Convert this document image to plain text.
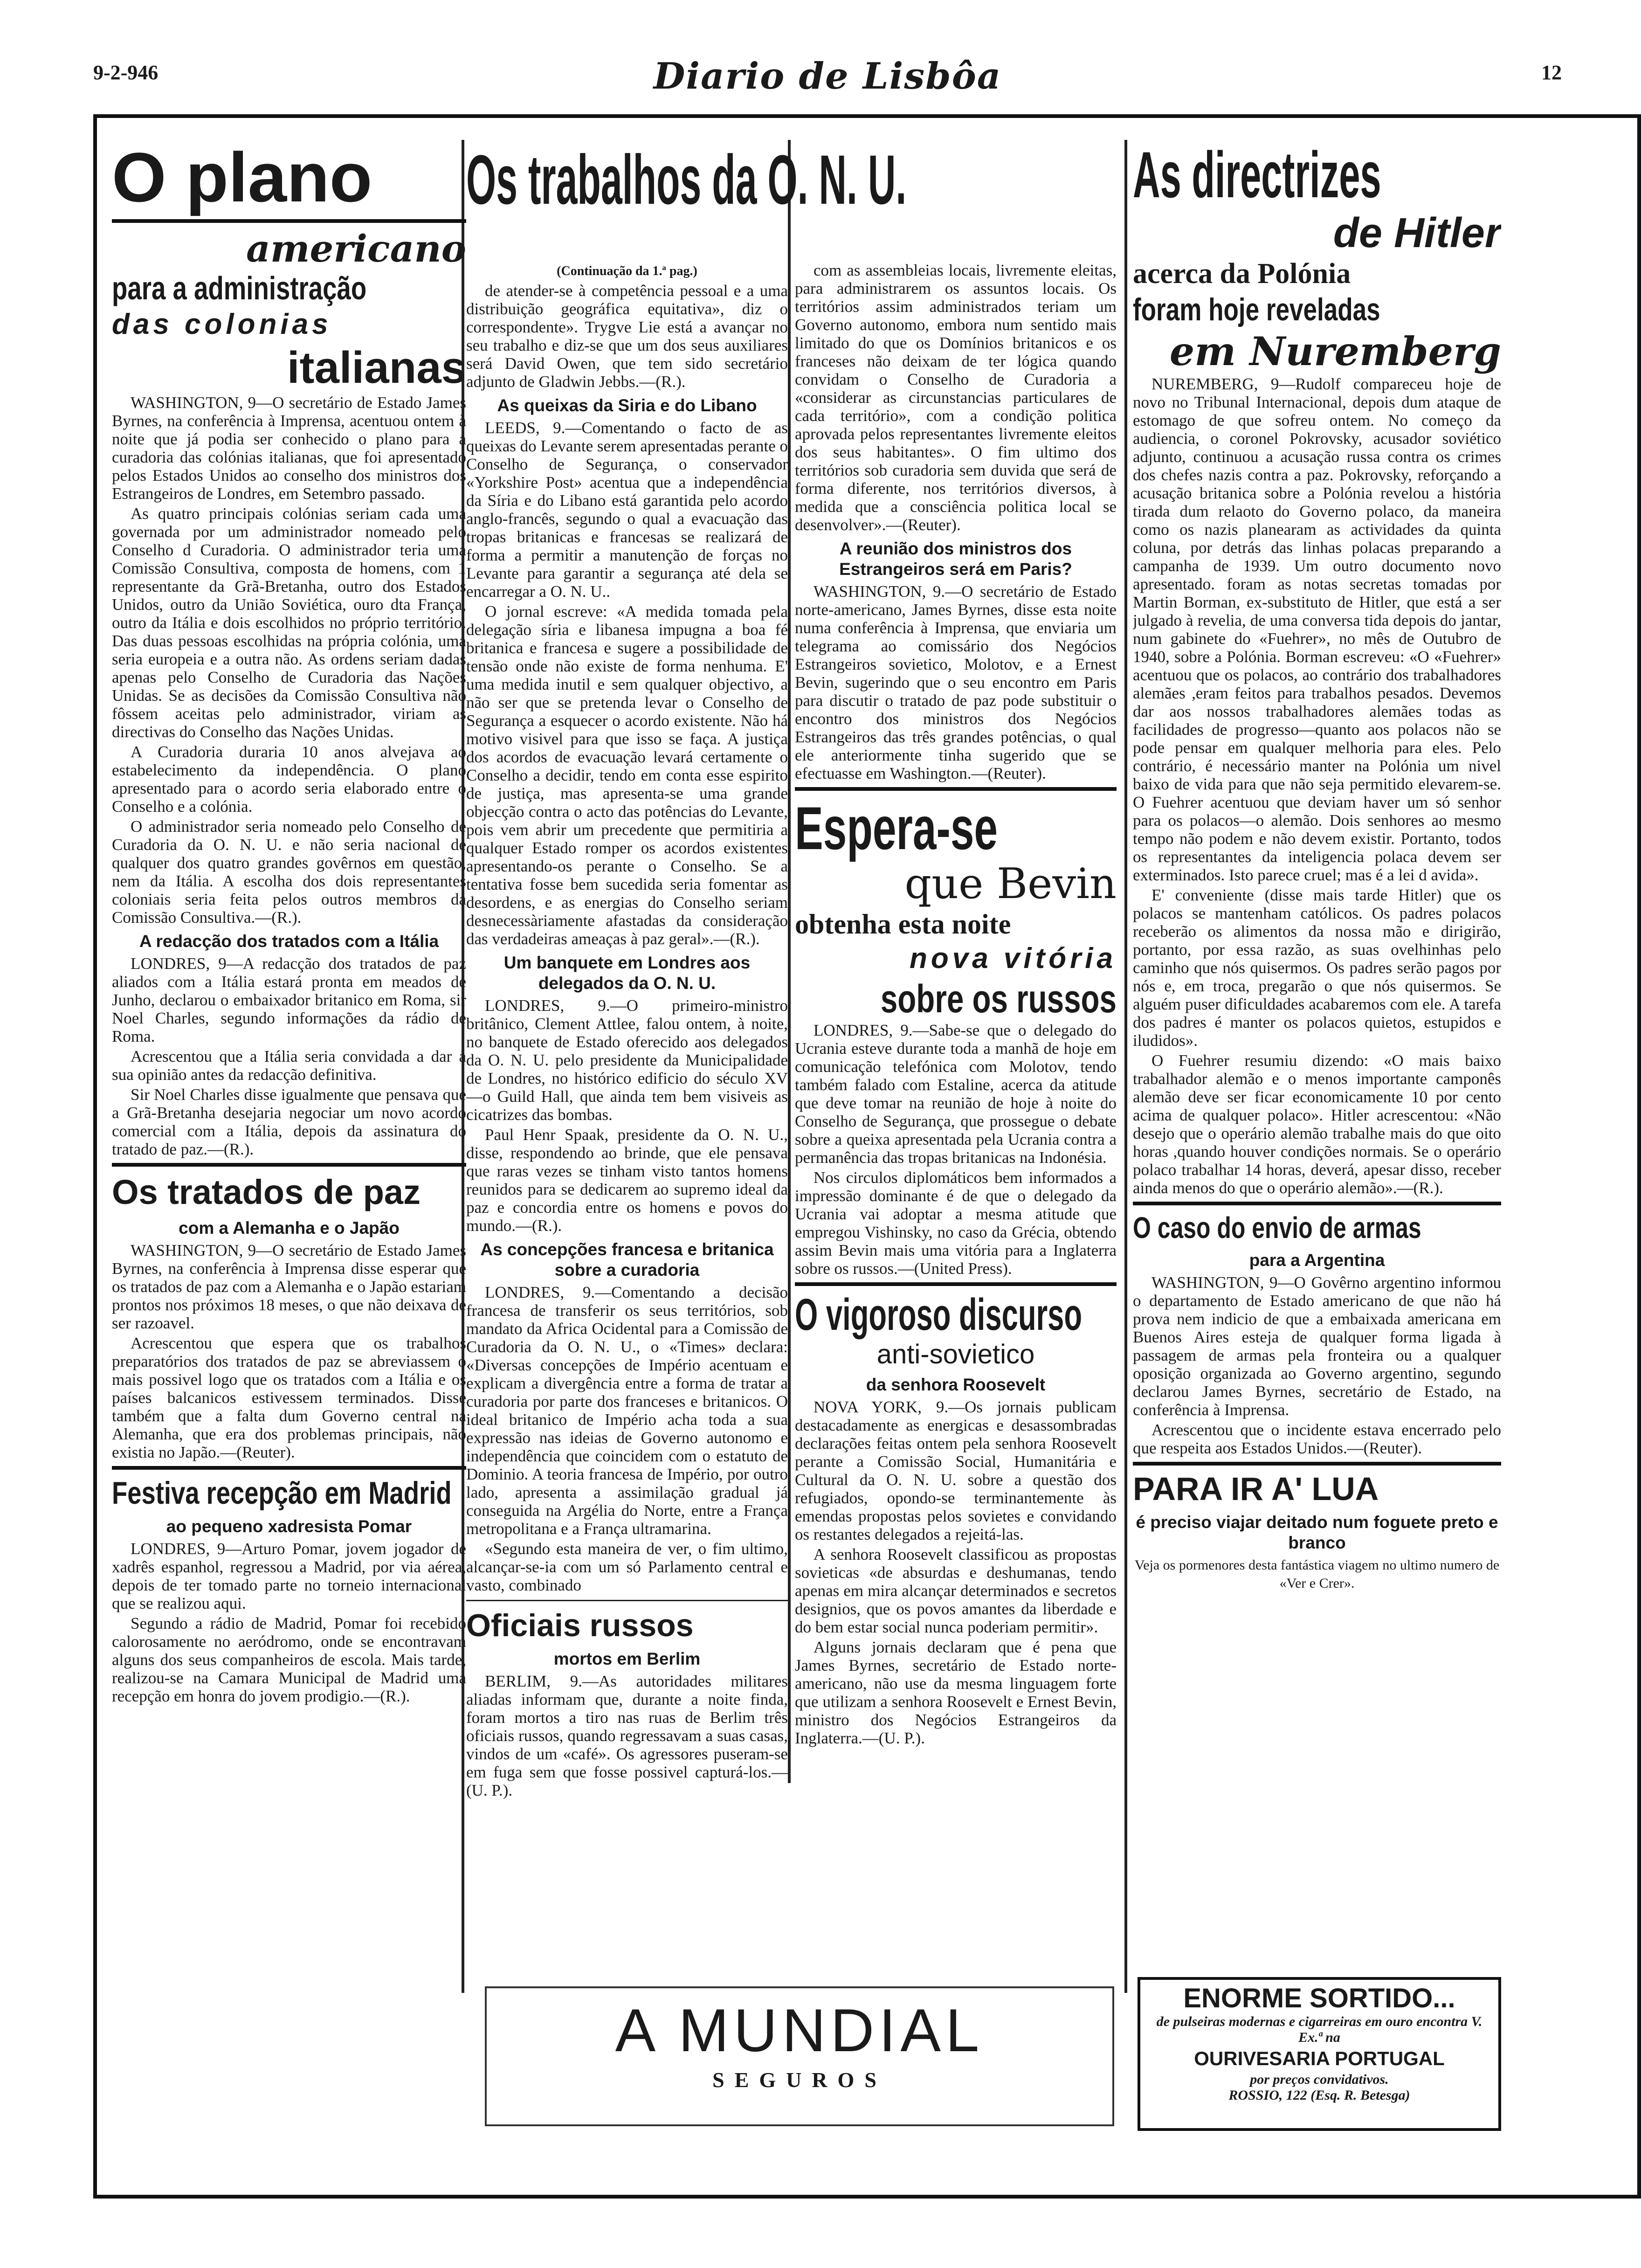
9-2-946	Diario de Lisbôa	12
O plano
americano
para a administração
das colonias
italianas

WASHINGTON, 9—O secretário de Estado James Byrnes, na conferência à Imprensa, acentuou ontem à noite que já podia ser conhecido o plano para a curadoria das colónias italianas, que foi apresentado pelos Estados Unidos ao conselho dos ministros dos Estrangeiros de Londres, em Setembro passado.

As quatro principais colónias seriam cada uma governada por um administrador nomeado pelo Conselho d Curadoria. O administrador teria uma Comissão Consultiva, composta de homens, com 1 representante da Grã-Bretanha, outro dos Estados Unidos, outro da União Soviética, ouro dta França, outro da Itália e dois escolhidos no próprio território. Das duas pessoas escolhidas na própria colónia, uma seria europeia e a outra não. As ordens seriam dadas apenas pelo Conselho de Curadoria das Nações Unidas. Se as decisões da Comissão Consultiva não fôssem aceitas pelo administrador, viriam as directivas do Conselho das Nações Unidas.

A Curadoria duraria 10 anos alvejava ao estabelecimento da independência. O plano apresentado para o acordo seria elaborado entre o Conselho e a colónia.

O administrador seria nomeado pelo Conselho de Curadoria da O. N. U. e não seria nacional de qualquer dos quatro grandes govêrnos em questão, nem da Itália. A escolha dos dois representantes coloniais seria feita pelos outros membros da Comissão Consultiva.—(R.).

A redacção dos tratados com a Itália

LONDRES, 9—A redacção dos tratados de paz aliados com a Itália estará pronta em meados de Junho, declarou o embaixador britanico em Roma, sir Noel Charles, segundo informações da rádio de Roma.

Acrescentou que a Itália seria convidada a dar a sua opinião antes da redacção definitiva.

Sir Noel Charles disse igualmente que pensava que a Grã-Bretanha desejaria negociar um novo acordo comercial com a Itália, depois da assinatura do tratado de paz.—(R.).

Os tratados de paz
com a Alemanha e o Japão

WASHINGTON, 9—O secretário de Estado James Byrnes, na conferência à Imprensa disse esperar que os tratados de paz com a Alemanha e o Japão estariam prontos nos próximos 18 meses, o que não deixava de ser razoavel.

Acrescentou que espera que os trabalhos preparatórios dos tratados de paz se abreviassem o mais possivel logo que os tratados com a Itália e os países balcanicos estivessem terminados. Disse também que a falta dum Governo central na Alemanha, que era dos problemas principais, não existia no Japão.—(Reuter).

Festiva recepção em Madrid
ao pequeno xadresista Pomar

LONDRES, 9—Arturo Pomar, jovem jogador de xadrês espanhol, regressou a Madrid, por via aérea, depois de ter tomado parte no torneio internacional que se realizou aqui.

Segundo a rádio de Madrid, Pomar foi recebido calorosamente no aeródromo, onde se encontravam alguns dos seus companheiros de escola. Mais tarde, realizou-se na Camara Municipal de Madrid uma recepção em honra do jovem prodigio.—(R.).

Os trabalhos da O. N. U.
(Continuação da 1.ª pag.)

de atender-se à competência pessoal e a uma distribuição geográfica equitativa», diz o correspondente». Trygve Lie está a avançar no seu trabalho e diz-se que um dos seus auxiliares será David Owen, que tem sido secretário adjunto de Gladwin Jebbs.—(R.).

As queixas da Siria e do Libano

LEEDS, 9.—Comentando o facto de as queixas do Levante serem apresentadas perante o Conselho de Segurança, o conservador «Yorkshire Post» acentua que a independência da Síria e do Libano está garantida pelo acordo anglo-francês, segundo o qual a evacuação das tropas britanicas e francesas se realizará de forma a permitir a manutenção de forças no Levante para garantir a segurança até dela se encarregar a O. N. U..

O jornal escreve: «A medida tomada pela delegação síria e libanesa impugna a boa fé britanica e francesa e sugere a possibilidade de tensão onde não existe de forma nenhuma. E' uma medida inutil e sem qualquer objectivo, a não ser que se pretenda levar o Conselho de Segurança a esquecer o acordo existente. Não há motivo visivel para que isso se faça. A justiça dos acordos de evacuação levará certamente o Conselho a decidir, tendo em conta esse espirito de justiça, mas apresenta-se uma grande objecção contra o acto das potências do Levante, pois vem abrir um precedente que permitiria a qualquer Estado romper os acordos existentes apresentando-os perante o Conselho. Se a tentativa fosse bem sucedida seria fomentar as desordens, e as energias do Conselho seriam desnecessàriamente afastadas da consideração das verdadeiras ameaças à paz geral».—(R.).

Um banquete em Londres aos delegados da O. N. U.

LONDRES, 9.—O primeiro-ministro britânico, Clement Attlee, falou ontem, à noite, no banquete de Estado oferecido aos delegados da O. N. U. pelo presidente da Municipalidade de Londres, no histórico edificio do século XV—o Guild Hall, que ainda tem bem visiveis as cicatrizes das bombas.

Paul Henr Spaak, presidente da O. N. U., disse, respondendo ao brinde, que ele pensava que raras vezes se tinham visto tantos homens reunidos para se dedicarem ao supremo ideal da paz e concordia entre os homens e povos do mundo.—(R.).

As concepções francesa e britanica sobre a curadoria

LONDRES, 9.—Comentando a decisão francesa de transferir os seus territórios, sob mandato da Africa Ocidental para a Comissão de Curadoria da O. N. U., o «Times» declara: «Diversas concepções de Império acentuam e explicam a divergência entre a forma de tratar a curadoria por parte dos franceses e britanicos. O ideal britanico de Império acha toda a sua expressão nas ideias de Governo autonomo e independência que coincidem com o estatuto de Dominio. A teoria francesa de Império, por outro lado, apresenta a assimilação gradual já conseguida na Argélia do Norte, entre a França metropolitana e a França ultramarina.

«Segundo esta maneira de ver, o fim ultimo, alcançar-se-ia com um só Parlamento central e vasto, combinado

Oficiais russos
mortos em Berlim

BERLIM, 9.—As autoridades militares aliadas informam que, durante a noite finda, foram mortos a tiro nas ruas de Berlim três oficiais russos, quando regressavam a suas casas, vindos de um «café». Os agressores puseram-se em fuga sem que fosse possivel capturá-los.—(U. P.).

com as assembleias locais, livremente eleitas, para administrarem os assuntos locais. Os territórios assim administrados teriam um Governo autonomo, embora num sentido mais limitado do que os Domínios britanicos e os franceses não deixam de ter lógica quando convidam o Conselho de Curadoria a «considerar as circunstancias particulares de cada território», com a condição politica aprovada pelos representantes livremente eleitos dos seus habitantes». O fim ultimo dos territórios sob curadoria sem duvida que será de forma diferente, nos territórios diversos, à medida que a consciência politica local se desenvolver».—(Reuter).

A reunião dos ministros dos Estrangeiros será em Paris?

WASHINGTON, 9.—O secretário de Estado norte-americano, James Byrnes, disse esta noite numa conferência à Imprensa, que enviaria um telegrama ao comissário dos Negócios Estrangeiros sovietico, Molotov, e a Ernest Bevin, sugerindo que o seu encontro em Paris para discutir o tratado de paz pode substituir o encontro dos ministros dos Negócios Estrangeiros das três grandes potências, o qual ele anteriormente tinha sugerido que se efectuasse em Washington.—(Reuter).

Espera-se
que Bevin
obtenha esta noite
nova vitória
sobre os russos

LONDRES, 9.—Sabe-se que o delegado do Ucrania esteve durante toda a manhã de hoje em comunicação telefónica com Molotov, tendo também falado com Estaline, acerca da atitude que deve tomar na reunião de hoje à noite do Conselho de Segurança, que prossegue o debate sobre a queixa apresentada pela Ucrania contra a permanência das tropas britanicas na Indonésia.

Nos circulos diplomáticos bem informados a impressão dominante é de que o delegado da Ucrania vai adoptar a mesma atitude que empregou Vishinsky, no caso da Grécia, obtendo assim Bevin mais uma vitória para a Inglaterra sobre os russos.—(United Press).

O vigoroso discurso
anti-sovietico
da senhora Roosevelt

NOVA YORK, 9.—Os jornais publicam destacadamente as energicas e desassombradas declarações feitas ontem pela senhora Roosevelt perante a Comissão Social, Humanitária e Cultural da O. N. U. sobre a questão dos refugiados, opondo-se terminantemente às emendas propostas pelos sovietes e convidando os restantes delegados a rejeitá-las.

A senhora Roosevelt classificou as propostas sovieticas «de absurdas e deshumanas, tendo apenas em mira alcançar determinados e secretos designios, que os povos amantes da liberdade e do bem estar social nunca poderiam permitir».

Alguns jornais declaram que é pena que James Byrnes, secretário de Estado norte-americano, não use da mesma linguagem forte que utilizam a senhora Roosevelt e Ernest Bevin, ministro dos Negócios Estrangeiros da Inglaterra.—(U. P.).

As directrizes
de Hitler
acerca da Polónia
foram hoje reveladas
em Nuremberg

NUREMBERG, 9—Rudolf compareceu hoje de novo no Tribunal Internacional, depois dum ataque de estomago de que sofreu ontem. No começo da audiencia, o coronel Pokrovsky, acusador soviético adjunto, continuou a acusação russa contra os crimes dos chefes nazis contra a paz. Pokrovsky, reforçando a acusação britanica sobre a Polónia revelou a história tirada dum relaoto do Governo polaco, da maneira como os nazis planearam as actividades da quinta coluna, por detrás das linhas polacas preparando a campanha de 1939. Um outro documento novo apresentado. foram as notas secretas tomadas por Martin Borman, ex-substituto de Hitler, que está a ser julgado à revelia, de uma conversa tida depois do jantar, num gabinete do «Fuehrer», no mês de Outubro de 1940, sobre a Polónia. Borman escreveu: «O «Fuehrer» acentuou que os polacos, ao contrário dos trabalhadores alemães ,eram feitos para trabalhos pesados. Devemos dar aos nossos trabalhadores alemães todas as facilidades de progresso—quanto aos polacos não se pode pensar em qualquer melhoria para eles. Pelo contrário, é necessário manter na Polónia um nivel baixo de vida para que não seja permitido elevarem-se. O Fuehrer acentuou que deviam haver um só senhor para os polacos—o alemão. Dois senhores ao mesmo tempo não podem e não devem existir. Portanto, todos os representantes da inteligencia polaca devem ser exterminados. Isto parece cruel; mas é a lei d avida».

E' conveniente (disse mais tarde Hitler) que os polacos se mantenham católicos. Os padres polacos receberão os alimentos da nossa mão e dirigirão, portanto, por essa razão, as suas ovelhinhas pelo caminho que nós quisermos. Os padres serão pagos por nós e, em troca, pregarão o que nós quisermos. Se alguém puser dificuldades acabaremos com ele. A tarefa dos padres é manter os polacos quietos, estupidos e iludidos».

O Fuehrer resumiu dizendo: «O mais baixo trabalhador alemão e o menos importante camponês alemão deve ser ficar economicamente 10 por cento acima de qualquer polaco». Hitler acrescentou: «Não desejo que o operário alemão trabalhe mais do que oito horas ,quando houver condições normais. Se o operário polaco trabalhar 14 horas, deverá, apesar disso, receber ainda menos do que o operário alemão».—(R.).

O caso do envio de armas
para a Argentina

WASHINGTON, 9—O Govêrno argentino informou o departamento de Estado americano de que não há prova nem indicio de que a embaixada americana em Buenos Aires esteja de qualquer forma ligada à passagem de armas pela fronteira ou a qualquer oposição organizada ao Governo argentino, segundo declarou James Byrnes, secretário de Estado, na conferência à Imprensa.

Acrescentou que o incidente estava encerrado pelo que respeita aos Estados Unidos.—(Reuter).

PARA IR A' LUA
é preciso viajar deitado num foguete preto e branco

Veja os pormenores desta fantástica viagem no ultimo numero de «Ver e Crer».

A MUNDIAL
SEGUROS
ENORME SORTIDO...
de pulseiras modernas e cigarreiras em ouro encontra V. Ex.ª na
OURIVESARIA PORTUGAL
por preços convidativos.
ROSSIO, 122 (Esq. R. Betesga)
